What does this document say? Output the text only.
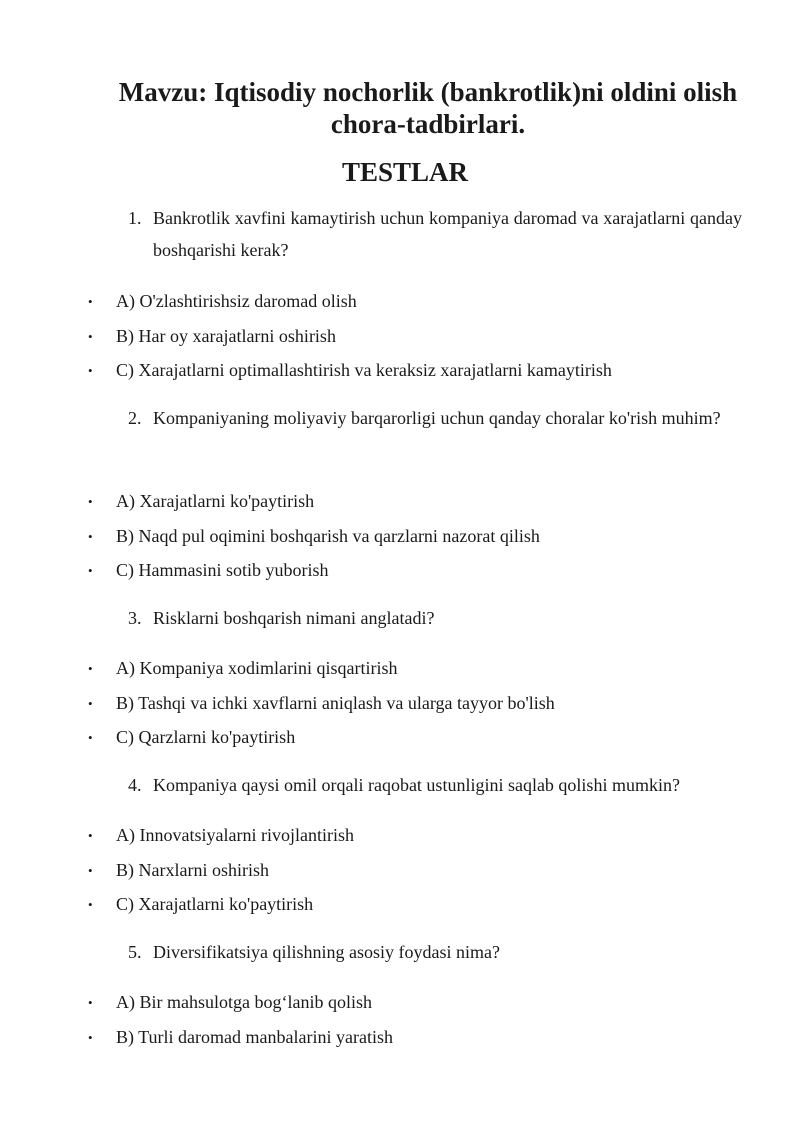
Mavzu: Iqtisodiy nochorlik (bankrotlik)ni oldini olish chora-tadbirlari.
TESTLAR
1. Bankrotlik xavfini kamaytirish uchun kompaniya daromad va xarajatlarni qanday boshqarishi kerak?
•	A) O'zlashtirishsiz daromad olish
•	B) Har oy xarajatlarni oshirish
•	C) Xarajatlarni optimallashtirish va keraksiz xarajatlarni kamaytirish
2. Kompaniyaning moliyaviy barqarorligi uchun qanday choralar ko'rish muhim?
•	A) Xarajatlarni ko'paytirish
•	B) Naqd pul oqimini boshqarish va qarzlarni nazorat qilish
•	C) Hammasini sotib yuborish
3. Risklarni boshqarish nimani anglatadi?
•	A) Kompaniya xodimlarini qisqartirish
•	B) Tashqi va ichki xavflarni aniqlash va ularga tayyor bo'lish
•	C) Qarzlarni ko'paytirish
4. Kompaniya qaysi omil orqali raqobat ustunligini saqlab qolishi mumkin?
•	A) Innovatsiyalarni rivojlantirish
•	B) Narxlarni oshirish
•	C) Xarajatlarni ko'paytirish
5. Diversifikatsiya qilishning asosiy foydasi nima?
•	A) Bir mahsulotga bog‘lanib qolish
•	B) Turli daromad manbalarini yaratish
